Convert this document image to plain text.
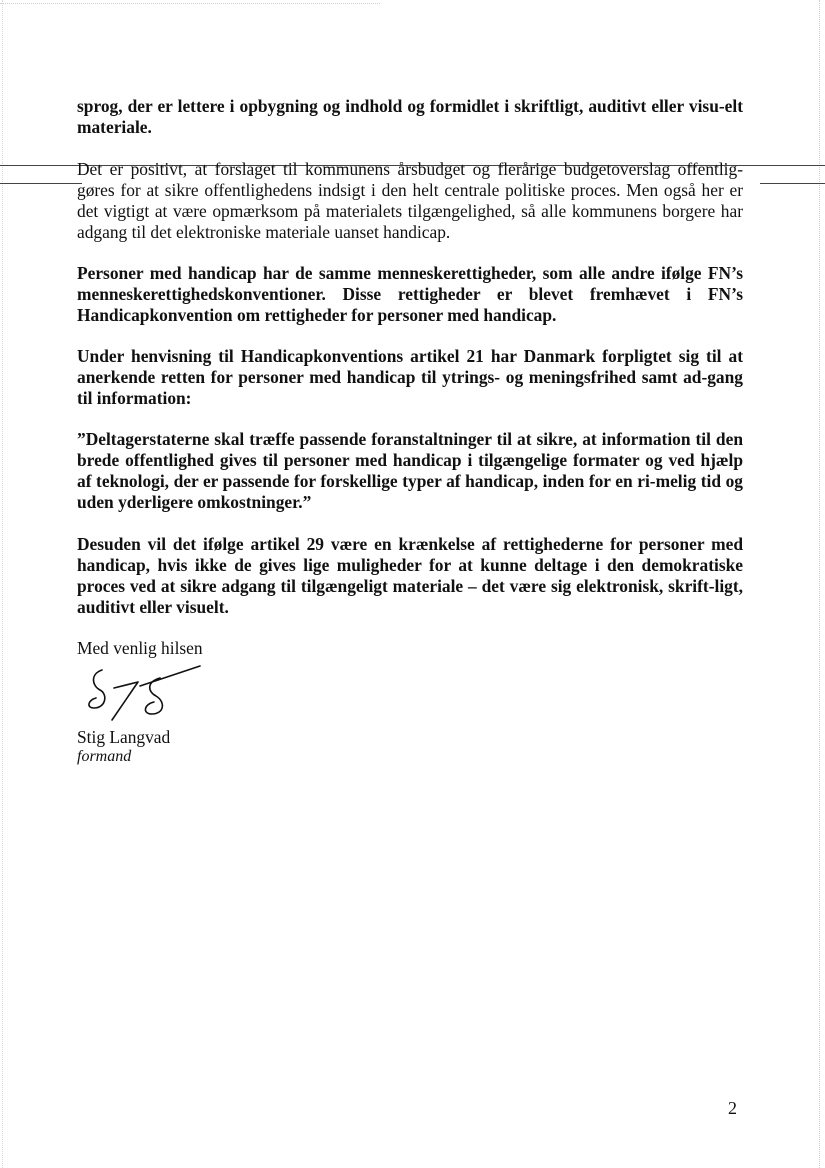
sprog, der er lettere i opbygning og indhold og formidlet i skriftligt, auditivt eller visu-elt materiale.

Det er positivt, at forslaget til kommunens årsbudget og flerårige budgetoverslag offentlig-gøres for at sikre offentlighedens indsigt i den helt centrale politiske proces. Men også her er det vigtigt at være opmærksom på materialets tilgængelighed, så alle kommunens borgere har adgang til det elektroniske materiale uanset handicap.

Personer med handicap har de samme menneskerettigheder, som alle andre ifølge FN’s menneskerettighedskonventioner. Disse rettigheder er blevet fremhævet i FN’s Handicapkonvention om rettigheder for personer med handicap.

Under henvisning til Handicapkonventions artikel 21 har Danmark forpligtet sig til at anerkende retten for personer med handicap til ytrings- og meningsfrihed samt ad-gang til information:

”Deltagerstaterne skal træffe passende foranstaltninger til at sikre, at information til den brede offentlighed gives til personer med handicap i tilgængelige formater og ved hjælp af teknologi, der er passende for forskellige typer af handicap, inden for en ri-melig tid og uden yderligere omkostninger.”

Desuden vil det ifølge artikel 29 være en krænkelse af rettighederne for personer med handicap, hvis ikke de gives lige muligheder for at kunne deltage i den demokratiske proces ved at sikre adgang til tilgængeligt materiale – det være sig elektronisk, skrift-ligt, auditivt eller visuelt.

Med venlig hilsen
Stig Langvad
formand
2
